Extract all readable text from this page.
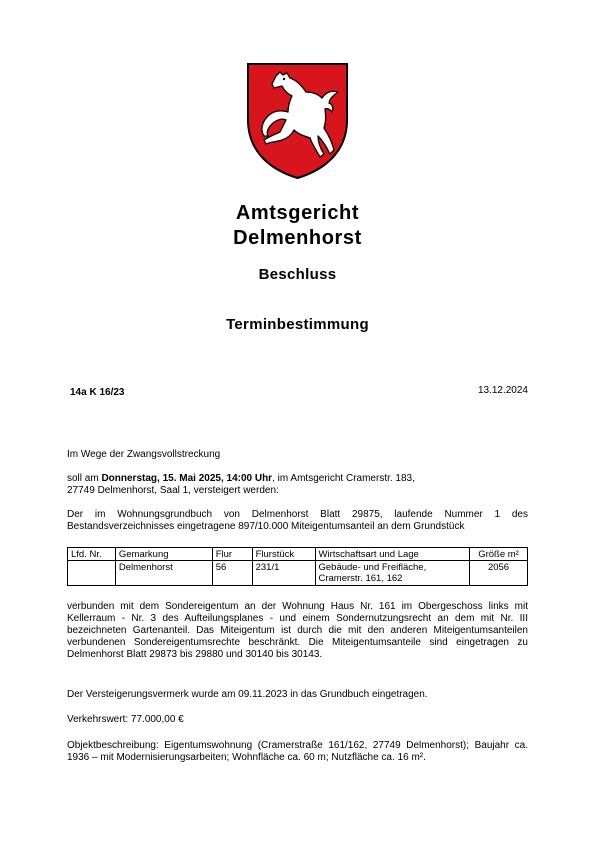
Amtsgericht
Delmenhorst
Beschluss
Terminbestimmung
14a K 16/23	13.12.2024
Im Wege der Zwangsvollstreckung
soll am Donnerstag, 15. Mai 2025, 14:00 Uhr, im Amtsgericht Cramerstr. 183,
27749 Delmenhorst, Saal 1, versteigert werden:
Der im Wohnungsgrundbuch von Delmenhorst Blatt 29875, laufende Nummer 1 des Bestandsverzeichnisses eingetragene 897/10.000 Miteigentumsanteil an dem Grundstück
Lfd. Nr.	Gemarkung	Flur	Flurstück	Wirtschaftsart und Lage	Größe m²
	Delmenhorst	56	231/1	Gebäude- und Freifläche, Cramerstr. 161, 162	2056
verbunden mit dem Sondereigentum an der Wohnung Haus Nr. 161 im Obergeschoss links mit Kellerraum - Nr. 3 des Aufteilungsplanes - und einem Sondernutzungsrecht an dem mit Nr. III bezeichneten Gartenanteil. Das Miteigentum ist durch die mit den anderen Miteigentumsanteilen verbundenen Sondereigentumsrechte beschränkt. Die Miteigentumsanteile sind eingetragen zu Delmenhorst Blatt 29873 bis 29880 und 30140 bis 30143.
Der Versteigerungsvermerk wurde am 09.11.2023 in das Grundbuch eingetragen.
Verkehrswert: 77.000,00 €
Objektbeschreibung: Eigentumswohnung (Cramerstraße 161/162, 27749 Delmenhorst); Baujahr ca. 1936 – mit Modernisierungsarbeiten; Wohnfläche ca. 60 m; Nutzfläche ca. 16 m².
